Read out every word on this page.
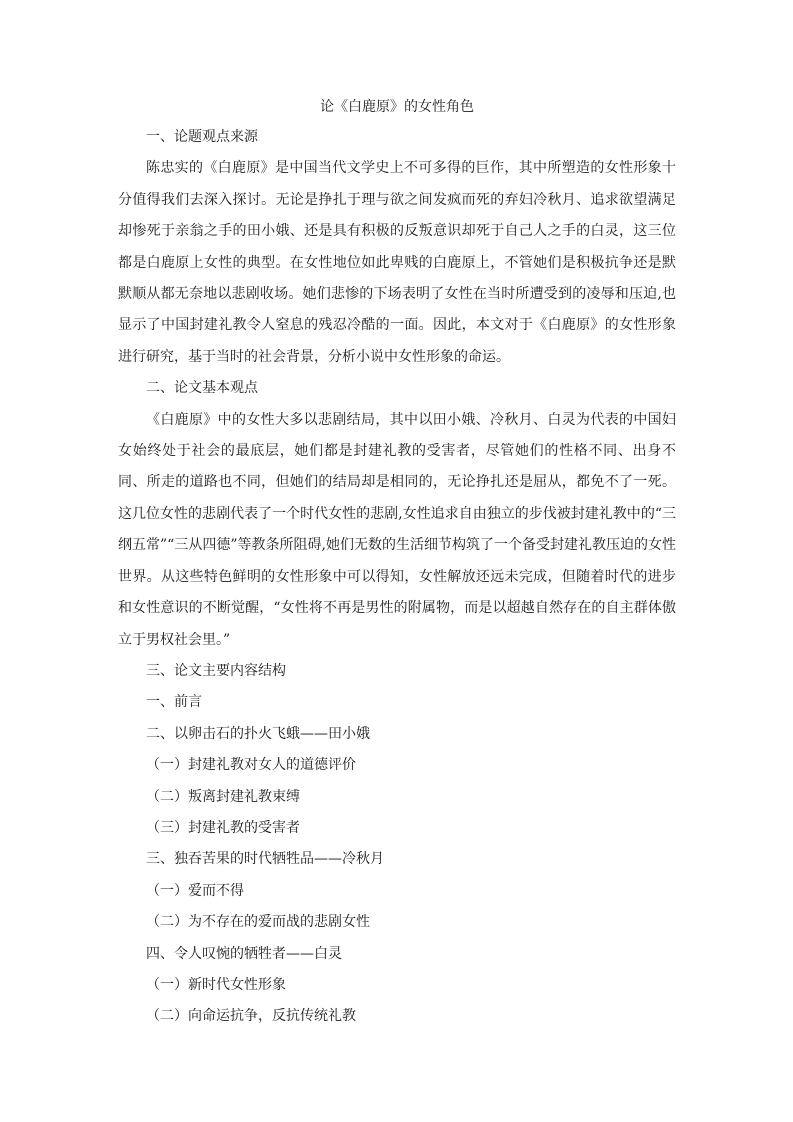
论《白鹿原》的女性角色

一、论题观点来源

陈忠实的《白鹿原》是中国当代文学史上不可多得的巨作，其中所塑造的女性形象十分值得我们去深入探讨。无论是挣扎于理与欲之间发疯而死的弃妇冷秋月、追求欲望满足却惨死于亲翁之手的田小娥、还是具有积极的反叛意识却死于自己人之手的白灵，这三位都是白鹿原上女性的典型。在女性地位如此卑贱的白鹿原上，不管她们是积极抗争还是默默顺从都无奈地以悲剧收场。她们悲惨的下场表明了女性在当时所遭受到的凌辱和压迫,也显示了中国封建礼教令人窒息的残忍冷酷的一面。因此，本文对于《白鹿原》的女性形象进行研究，基于当时的社会背景，分析小说中女性形象的命运。

二、论文基本观点

《白鹿原》中的女性大多以悲剧结局，其中以田小娥、冷秋月、白灵为代表的中国妇女始终处于社会的最底层，她们都是封建礼教的受害者，尽管她们的性格不同、出身不同、所走的道路也不同，但她们的结局却是相同的，无论挣扎还是屈从，都免不了一死。这几位女性的悲剧代表了一个时代女性的悲剧,女性追求自由独立的步伐被封建礼教中的“三纲五常”“三从四德”等教条所阻碍,她们无数的生活细节构筑了一个备受封建礼教压迫的女性世界。从这些特色鲜明的女性形象中可以得知，女性解放还远未完成，但随着时代的进步和女性意识的不断觉醒，“女性将不再是男性的附属物，而是以超越自然存在的自主群体傲立于男权社会里。”

三、论文主要内容结构

一、前言

二、以卵击石的扑火飞蛾——田小娥

（一）封建礼教对女人的道德评价

（二）叛离封建礼教束缚

（三）封建礼教的受害者

三、独吞苦果的时代牺牲品——冷秋月

（一）爱而不得

（二）为不存在的爱而战的悲剧女性

四、令人叹惋的牺牲者——白灵

（一）新时代女性形象

（二）向命运抗争，反抗传统礼教
